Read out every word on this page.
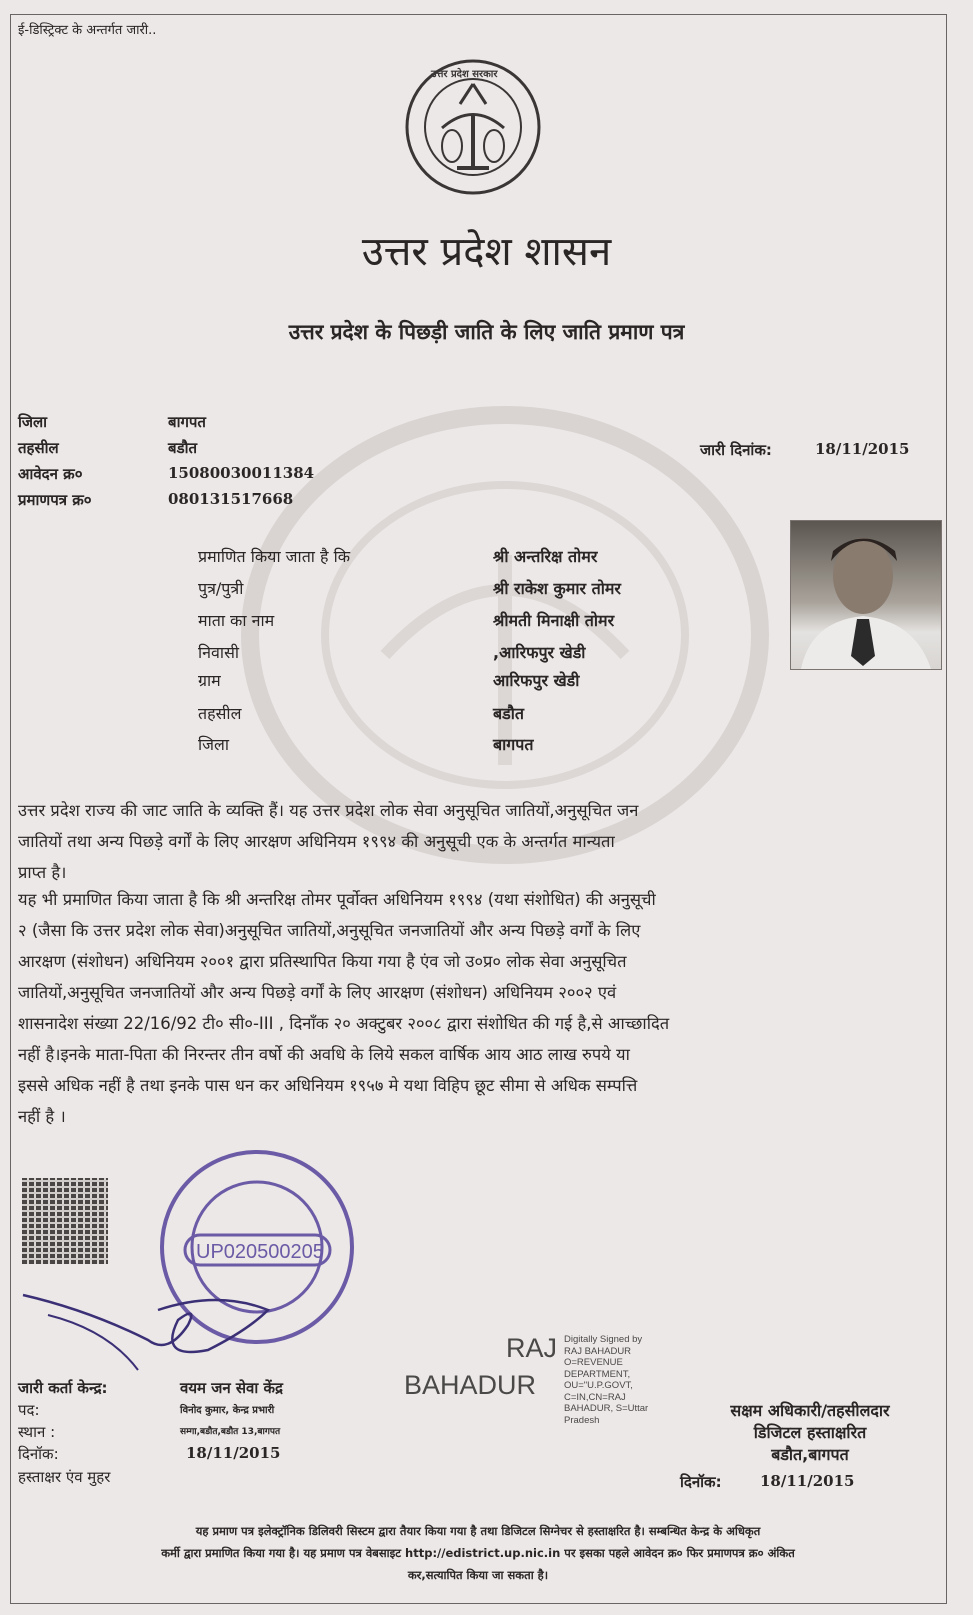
ई-डिस्ट्रिक्ट के अन्तर्गत जारी..
उत्तर प्रदेश सरकार
उत्तर प्रदेश शासन
उत्तर प्रदेश के पिछड़ी जाति के लिए जाति प्रमाण पत्र
जिला	बागपत
तहसील	बडौत
आवेदन क्र०	15080030011384
प्रमाणपत्र क्र०	080131517668
जारी दिनांक:	18/11/2015
प्रमाणित किया जाता है कि	श्री अन्तरिक्ष तोमर
पुत्र/पुत्री	श्री राकेश कुमार तोमर
माता का नाम	श्रीमती मिनाक्षी तोमर
निवासी	,आरिफपुर खेडी
ग्राम	आरिफपुर खेडी
तहसील	बडौत
जिला	बागपत
उत्तर प्रदेश राज्य की जाट जाति के व्यक्ति हैं। यह उत्तर प्रदेश लोक सेवा अनुसूचित जातियों,अनुसूचित जन
जातियों तथा अन्य पिछड़े वर्गों के लिए आरक्षण अधिनियम १९९४ की अनुसूची एक के अन्तर्गत मान्यता
प्राप्त है।
यह भी प्रमाणित किया जाता है कि श्री अन्तरिक्ष तोमर पूर्वोक्त अधिनियम १९९४ (यथा संशोधित) की अनुसूची
२ (जैसा कि उत्तर प्रदेश लोक सेवा)अनुसूचित जातियों,अनुसूचित जनजातियों और अन्य पिछड़े वर्गों के लिए
आरक्षण (संशोधन) अधिनियम २००१ द्वारा प्रतिस्थापित किया गया है एंव जो उ०प्र० लोक सेवा अनुसूचित
जातियों,अनुसूचित जनजातियों और अन्य पिछड़े वर्गों के लिए आरक्षण (संशोधन) अधिनियम २००२ एवं
शासनादेश संख्या 22/16/92 टी० सी०-III , दिनाँक २० अक्टुबर २००८ द्वारा संशोधित की गई है,से आच्छादित
नहीं है।इनके माता-पिता की निरन्तर तीन वर्षो की अवधि के लिये सकल वार्षिक आय आठ लाख रुपये या
इससे अधिक नहीं है तथा इनके पास धन कर अधिनियम १९५७ मे यथा विहिप छूट सीमा से अधिक सम्पत्ति
नहीं है ।
UP020500205
जारी कर्ता केन्द्र:	वयम जन सेवा केंद्र
पद:	विनोद कुमार, केन्द्र प्रभारी
स्थान :	सम्गा,बडौत,बडौत 13,बागपत
दिनॉक:	18/11/2015
हस्ताक्षर एंव मुहर
RAJ
BAHADUR
Digitally Signed by
RAJ BAHADUR
O=REVENUE
DEPARTMENT,
OU="U.P.GOVT,
C=IN,CN=RAJ
BAHADUR, S=Uttar
Pradesh	सक्षम अधिकारी/तहसीलदार
डिजिटल हस्ताक्षरित
बडौत,बागपत
दिनॉक:	18/11/2015
यह प्रमाण पत्र इलेक्ट्रॉनिक डिलिवरी सिस्टम द्वारा तैयार किया गया है तथा डिजिटल सिग्नेचर से हस्ताक्षरित है। सम्बन्धित केन्द्र के अधिकृत
कर्मी द्वारा प्रमाणित किया गया है। यह प्रमाण पत्र वेबसाइट http://edistrict.up.nic.in पर इसका पहले आवेदन क्र० फिर प्रमाणपत्र क्र० अंकित
कर,सत्यापित किया जा सकता है।
